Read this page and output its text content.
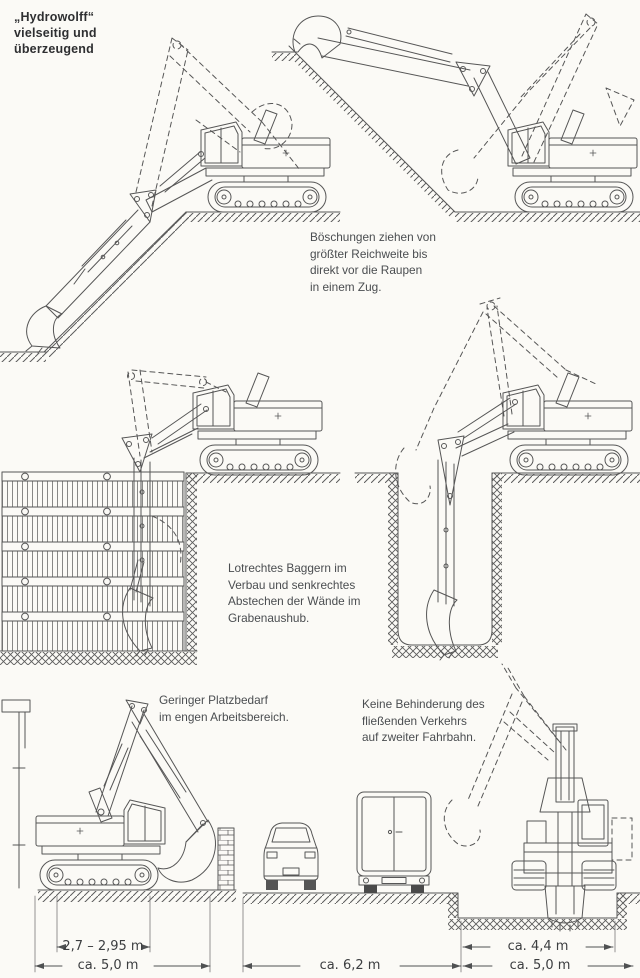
„Hydrowolff“
vielseitig und
überzeugend
Böschungen ziehen von
größter Reichweite bis
direkt vor die Raupen
in einem Zug.
Lotrechtes Baggern im
Verbau und senkrechtes
Abstechen der Wände im
Grabenaushub.
Geringer Platzbedarf
im engen Arbeitsbereich.
Keine Behinderung des
fließenden Verkehrs
auf zweiter Fahrbahn.
2,7 – 2,95 m
ca. 5,0 m	ca. 6,2 m
ca. 4,4 m
ca. 5,0 m
